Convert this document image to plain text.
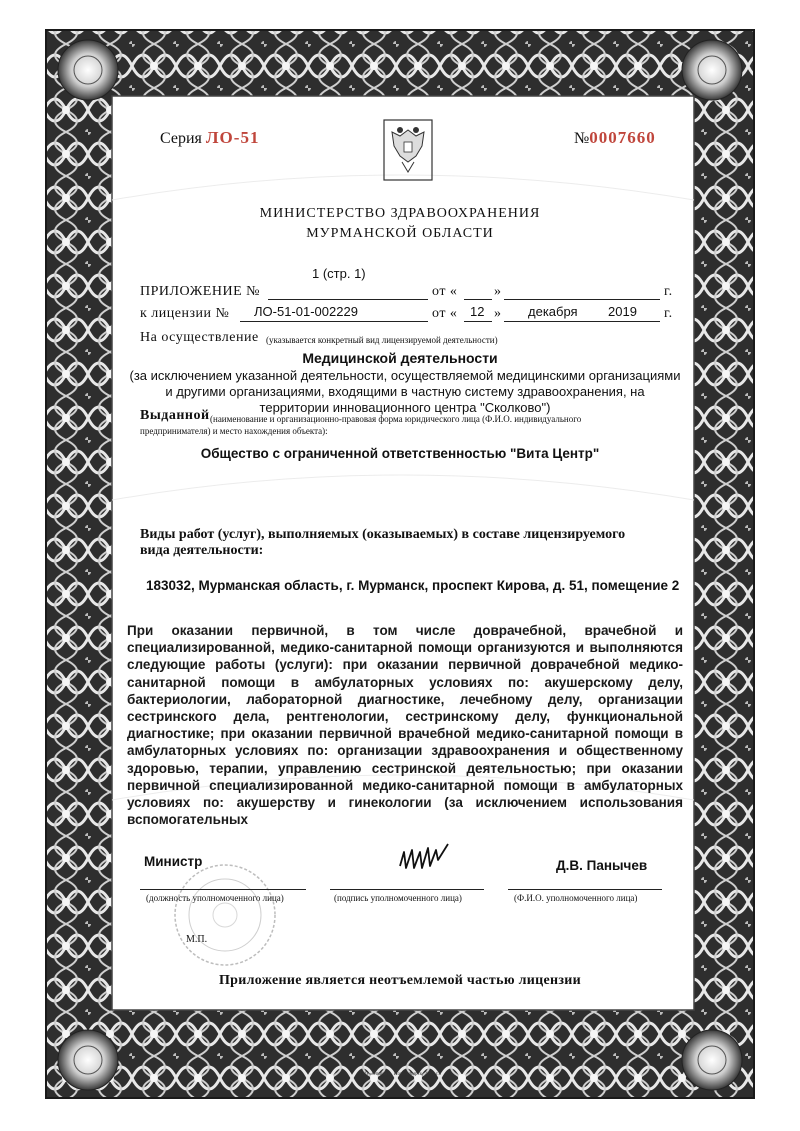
Серия ЛО-51	№0007660
МИНИСТЕРСТВО ЗДРАВООХРАНЕНИЯ
МУРМАНСКОЙ ОБЛАСТИ
1 (стр. 1)
ПРИЛОЖЕНИЕ №	от «	»	г.
к лицензии № ЛО-51-01-002229	от « 12 » декабря 2019 г.
На осуществление (указывается конкретный вид лицензируемой деятельности)
Медицинской деятельности
(за исключением указанной деятельности, осуществляемой медицинскими организациями
и другими организациями, входящими в частную систему здравоохранения, на
территории инновационного центра "Сколково")
Выданной (наименование и организационно-правовая форма юридического лица (Ф.И.О. индивидуального
предпринимателя) и место нахождения объекта):
Общество с ограниченной ответственностью "Вита Центр"
Виды работ (услуг), выполняемых (оказываемых) в составе лицензируемого
вида деятельности:
183032, Мурманская область, г. Мурманск, проспект Кирова, д. 51, помещение 2
При оказании первичной, в том числе доврачебной, врачебной и
специализированной, медико-санитарной помощи организуются и выполняются
следующие работы (услуги): при оказании первичной доврачебной медико-
санитарной помощи в амбулаторных условиях по: акушерскому делу,
бактериологии, лабораторной диагностике, лечебному делу, организации
сестринского дела, рентгенологии, сестринскому делу, функциональной
диагностике; при оказании первичной врачебной медико-санитарной помощи в
амбулаторных условиях по: организации здравоохранения и общественному
здоровью, терапии, управлению сестринской деятельностью; при оказании
первичной специализированной медико-санитарной помощи в амбулаторных
условиях по: акушерству и гинекологии (за исключением использования
вспомогательных
Министр
(должность уполномоченного лица)	(подпись уполномоченного лица)
Д.В. Панычев
(Ф.И.О. уполномоченного лица)
М.П.
Приложение является неотъемлемой частью лицензии
ЗАО «Опцион», Новосибирск, 2019 г.»
